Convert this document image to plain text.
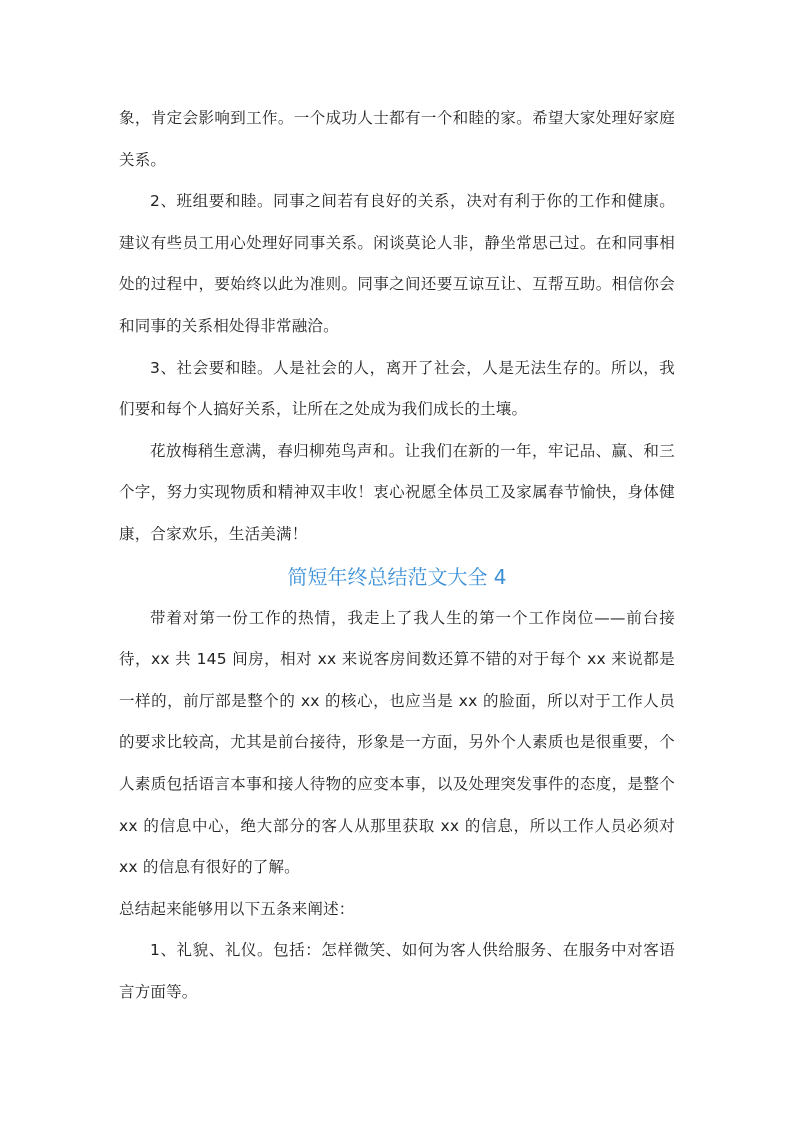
象，肯定会影响到工作。一个成功人士都有一个和睦的家。希望大家处理好家庭关系。

2、班组要和睦。同事之间若有良好的关系，决对有利于你的工作和健康。建议有些员工用心处理好同事关系。闲谈莫论人非，静坐常思己过。在和同事相处的过程中，要始终以此为准则。同事之间还要互谅互让、互帮互助。相信你会和同事的关系相处得非常融洽。

3、社会要和睦。人是社会的人，离开了社会，人是无法生存的。所以，我们要和每个人搞好关系，让所在之处成为我们成长的土壤。

花放梅稍生意满，春归柳苑鸟声和。让我们在新的一年，牢记品、赢、和三个字，努力实现物质和精神双丰收！衷心祝愿全体员工及家属春节愉快，身体健康，合家欢乐，生活美满！

简短年终总结范文大全 4

带着对第一份工作的热情，我走上了我人生的第一个工作岗位——前台接待，xx 共 145 间房，相对 xx 来说客房间数还算不错的对于每个 xx 来说都是一样的，前厅部是整个的 xx 的核心，也应当是 xx 的脸面，所以对于工作人员的要求比较高，尤其是前台接待，形象是一方面，另外个人素质也是很重要，个人素质包括语言本事和接人待物的应变本事，以及处理突发事件的态度，是整个 xx 的信息中心，绝大部分的客人从那里获取 xx 的信息，所以工作人员必须对 xx 的信息有很好的了解。

总结起来能够用以下五条来阐述：

1、礼貌、礼仪。包括：怎样微笑、如何为客人供给服务、在服务中对客语言方面等。
